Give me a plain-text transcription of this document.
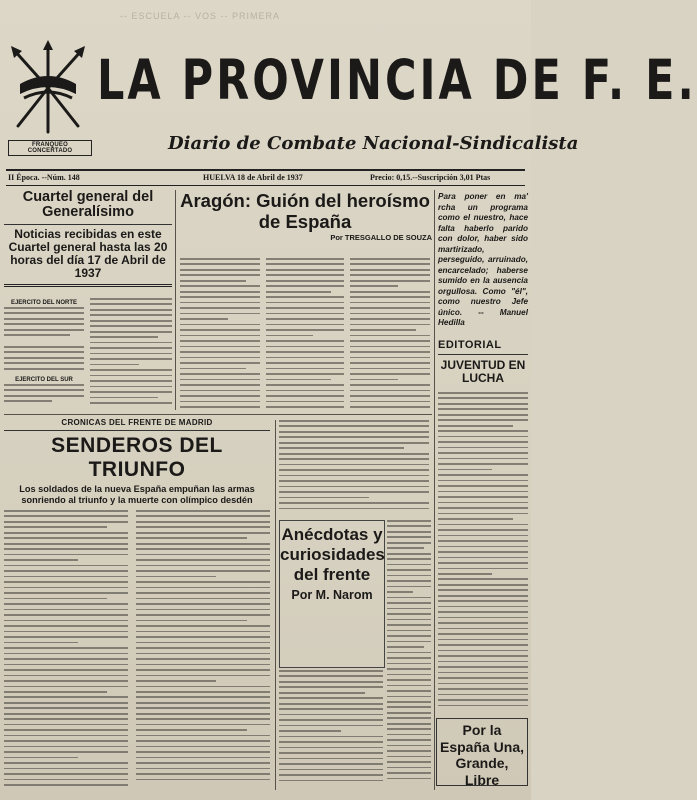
-- ESCUELA -- VOS -- PRIMERA
FRANQUEO CONCERTADO
LA PROVINCIA DE F. E.
Diario de Combate Nacional-Sindicalista
II Época. --Núm. 148	HUELVA 18 de Abril de 1937	Precio: 0,15.--Suscripción 3,01 Ptas
Cuartel general del Generalísimo
Noticias recibidas en este Cuartel general hasta las 20 horas del día 17 de Abril de 1937
EJERCITO DEL NORTE
EJERCITO DEL SUR
CRONICAS DEL FRENTE DE MADRID
SENDEROS DEL TRIUNFO
Los soldados de la nueva España empuñan las armas sonriendo al triunfo y la muerte con olímpico desdén
Aragón: Guión del heroísmo de España
Por TRESGALLO DE SOUZA
Anécdotas y curiosidades del frente
Por M. Narom
Para poner en ma' rcha un programa como el nuestro, hace falta haberlo parido con dolor, haber sido martirizado, perseguido, arruinado, encarcelado; haberse sumido en la ausencia orgullosa. Como "él", como nuestro Jefe único. -- Manuel Hedilla
EDITORIAL
JUVENTUD EN LUCHA
Por la España Una, Grande, Libre
